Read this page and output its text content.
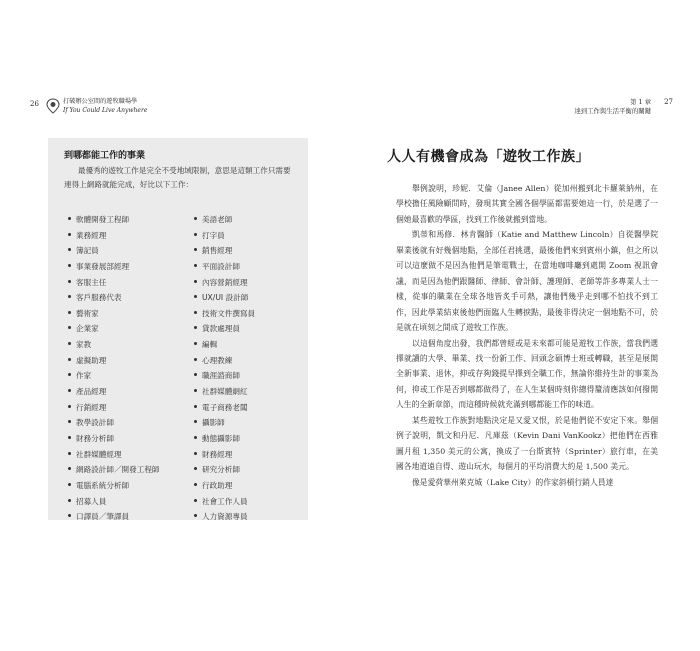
26	打破辦公室間的遊牧職場學
If You Could Live Anywhere
第 1 章 27
達到工作與生活平衡的關鍵
到哪都能工作的事業
最優秀的遊牧工作是完全不受地域限制，意思是這類工作只需要連得上網路就能完成，好比以下工作：
軟體開發工程師
業務經理
簿記員
事業發展部經理
客服主任
客戶服務代表
藝術家
企業家
家教
虛擬助理
作家
產品經理
行銷經理
教學設計師
財務分析師
社群媒體經理
網路設計師／開發工程師
電腦系統分析師
招募人員
口譯員／筆譯員
美語老師
打字員
銷售經理
平面設計師
內容營銷經理
UX/UI 設計師
技術文件撰寫員
貸款處理員
編輯
心理教練
職涯諮商師
社群媒體網紅
電子商務老闆
攝影師
動態攝影師
財務經理
研究分析師
行政助理
社會工作人員
人力資源專員
人人有機會成為「遊牧工作族」

舉例說明，珍妮．艾倫（Janee Allen）從加州搬到北卡羅萊納州，在學校擔任風險顧問時，發現其實全國各個學區都需要她這一行，於是選了一個她最喜歡的學區，找到工作後就搬到當地。

凱蒂和馬修．林肯醫師（Katie and Matthew Lincoln）自從醫學院畢業後就有好幾個地點，全部任君挑選，最後他們來到賓州小鎮，但之所以可以這麼做不是因為他們是筆電戰士，在當地咖啡廳到處開 Zoom 視訊會議，而是因為他們跟醫師、律師、會計師、護理師、老師等許多專業人士一樣，從事的職業在全球各地皆炙手可熱，讓他們幾乎走到哪不怕找不到工作，因此學業結束後他們面臨人生轉捩點，最後非得決定一個地點不可，於是就在頃刻之間成了遊牧工作族。

以這個角度出發，我們都曾經或是未來都可能是遊牧工作族，當我們選擇就讀的大學、畢業、找一份新工作、回頭念碩博士班或轉職，甚至是展開全新事業、退休，抑或存夠錢提早擇到全職工作，無論你維持生計的事業為何，抑或工作是否到哪都做得了，在人生某個時刻你總得釐清應該如何撥開人生的全新章節，而這種時候就充滿到哪都能工作的味道。

某些遊牧工作族對地點決定是又愛又恨，於是他們從不安定下來。舉個例子說明，凱文和丹尼．凡庫茲（Kevin Dani VanKookz）把他們在西雅圖月租 1,350 美元的公寓，換成了一台斯賓特（Sprinter）旅行車，在美國各地道遠自得、遊山玩水，每個月的平均消費大約是 1,500 美元。

像是愛荷華州萊克城（Lake City）的作家斜槓行銷人員達
